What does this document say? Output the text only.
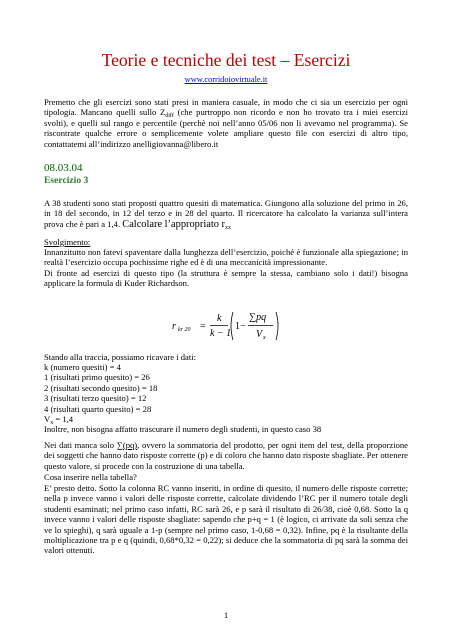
Teorie e tecniche dei test – Esercizi
www.corridoiovirtuale.it

Premetto che gli esercizi sono stati presi in maniera casuale, in modo che ci sia un esercizio per ogni tipologia. Mancano quelli sullo $Z_{diff}$ (che purtroppo non ricordo e non ho trovato tra i miei esercizi svolti), e quelli sul rango e percentile (perchè noi nell’anno 05/06 non li avevamo nel programma). Se riscontrate qualche errore o semplicemente volete ampliare questo file con esercizi di altro tipo, contattatemi all’indirizzo anelligiovanna@libero.it

08.03.04
Esercizio 3

A 38 studenti sono stati proposti quattro quesiti di matematica. Giungono alla soluzione del primo in 26, in 18 del secondo, in 12 del terzo e in 28 del quarto. Il ricercatore ha calcolato la varianza sull’intera prova che è pari a 1,4. Calcolare l’appropriato $r_{xx}$

Svolgimento:

Innanzitutto non fatevi spaventare dalla lunghezza dell’esercizio, poiché è funzionale alla spiegazione; in realtà l’esercizio occupa pochissime righe ed è di una meccanicità impressionante.

Di fronte ad esercizi di questo tipo (la struttura è sempre la stessa, cambiano solo i dati!) bisogna applicare la formula di Kuder Richardson.

r kr 20 =
k
k − 1
1−
∑pq
V x

Stando alla traccia, possiamo ricavare i dati:

k (numero quesiti) = 4
1 (risultati primo quesito) = 26
2 (risultati secondo quesito) = 18
3 (risultati terzo quesito) = 12
4 (risultati quarto quesito) = 28
$V_x = 1,4$
Inoltre, non bisogna affatto trascurare il numero degli studenti, in questo caso 38

Nei dati manca solo ∑(pq), ovvero la sommatoria del prodotto, per ogni item del test, della proporzione dei soggetti che hanno dato risposte corrette (p) e di coloro che hanno dato risposte sbagliate. Per ottenere questo valore, si procede con la costruzione di una tabella.

Cosa inserire nella tabella?

E’ presto detto. Sotto la colonna RC vanno inseriti, in ordine di quesito, il numero delle risposte corrette; nella p invece vanno i valori delle risposte corrette, calcolate dividendo l’RC per il numero totale degli studenti esaminati; nel primo caso infatti, RC sarà 26, e p sarà il risultato di 26/38, cioè 0,68. Sotto la q invece vanno i valori delle risposte sbagliate: sapendo che p+q = 1 (è logico, ci arrivate da soli senza che ve lo spieghi), q sarà uguale a 1-p (sempre nel primo caso, 1-0,68 = 0,32). Infine, pq è la risultante della moltiplicazione tra p e q (quindi, 0,68*0,32 = 0,22); si deduce che la sommatoria di pq sarà la somma dei valori ottenuti.

1
